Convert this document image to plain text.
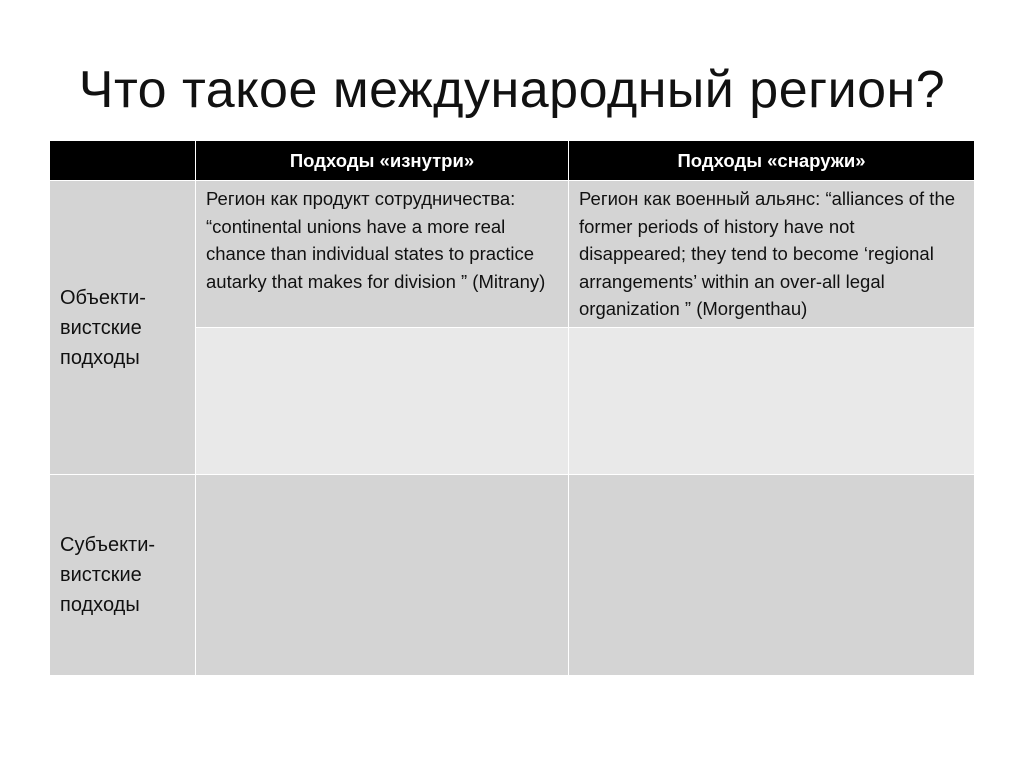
Что такое международный регион?
Подходы «изнутри»	Подходы «снаружи»
Объекти-
вистские
подходы
Регион как продукт сотрудничества: “continental unions have a more real chance than individual states to practice autarky that makes for division ” (Mitrany)
Регион как военный альянс: “alliances of the former periods of history have not disappeared; they tend to become ‘regional arrangements’ within an over-all legal organization ” (Morgenthau)
Субъекти-
вистские
подходы
